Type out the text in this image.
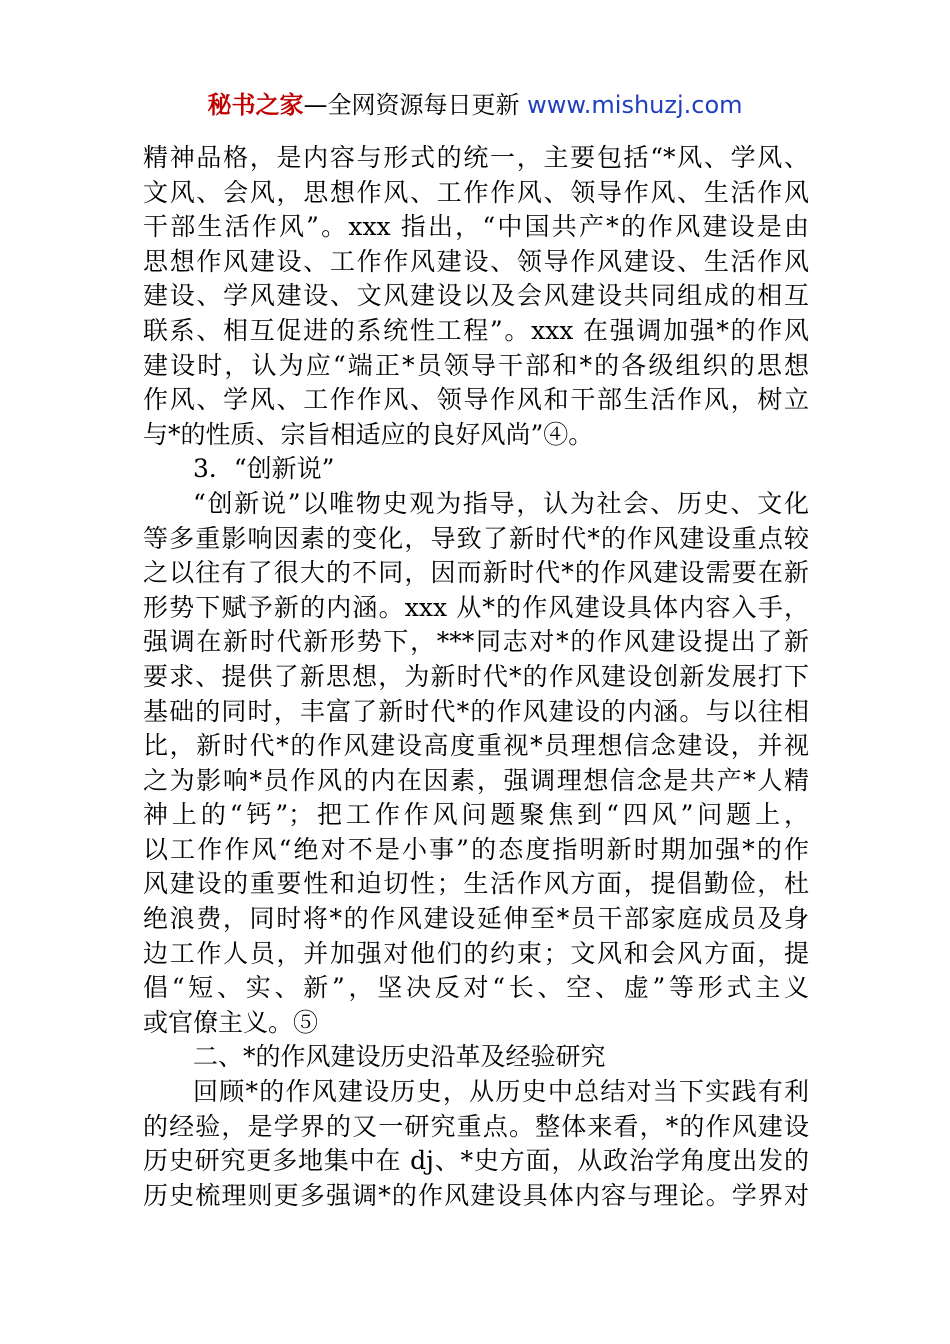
秘书之家—全网资源每日更新 www.mishuzj.com
精神品格，是内容与形式的统一，主要包括“*风、学风、
文风、会风，思想作风、工作作风、领导作风、生活作风
干部生活作风”。xxx 指出，“中国共产*的作风建设是由
思想作风建设、工作作风建设、领导作风建设、生活作风
建设、学风建设、文风建设以及会风建设共同组成的相互
联系、相互促进的系统性工程”。xxx 在强调加强*的作风
建设时，认为应“端正*员领导干部和*的各级组织的思想
作风、学风、工作作风、领导作风和干部生活作风，树立
与*的性质、宗旨相适应的良好风尚”④。
3．“创新说”
“创新说”以唯物史观为指导，认为社会、历史、文化
等多重影响因素的变化，导致了新时代*的作风建设重点较
之以往有了很大的不同，因而新时代*的作风建设需要在新
形势下赋予新的内涵。xxx 从*的作风建设具体内容入手，
强调在新时代新形势下，***同志对*的作风建设提出了新
要求、提供了新思想，为新时代*的作风建设创新发展打下
基础的同时，丰富了新时代*的作风建设的内涵。与以往相
比，新时代*的作风建设高度重视*员理想信念建设，并视
之为影响*员作风的内在因素，强调理想信念是共产*人精
神上的“钙”；把工作作风问题聚焦到“四风”问题上，
以工作作风“绝对不是小事”的态度指明新时期加强*的作
风建设的重要性和迫切性；生活作风方面，提倡勤俭，杜
绝浪费，同时将*的作风建设延伸至*员干部家庭成员及身
边工作人员，并加强对他们的约束；文风和会风方面，提
倡“短、实、新”，坚决反对“长、空、虚”等形式主义
或官僚主义。⑤
二、*的作风建设历史沿革及经验研究
回顾*的作风建设历史，从历史中总结对当下实践有利
的经验，是学界的又一研究重点。整体来看，*的作风建设
历史研究更多地集中在 dj、*史方面，从政治学角度出发的
历史梳理则更多强调*的作风建设具体内容与理论。学界对
